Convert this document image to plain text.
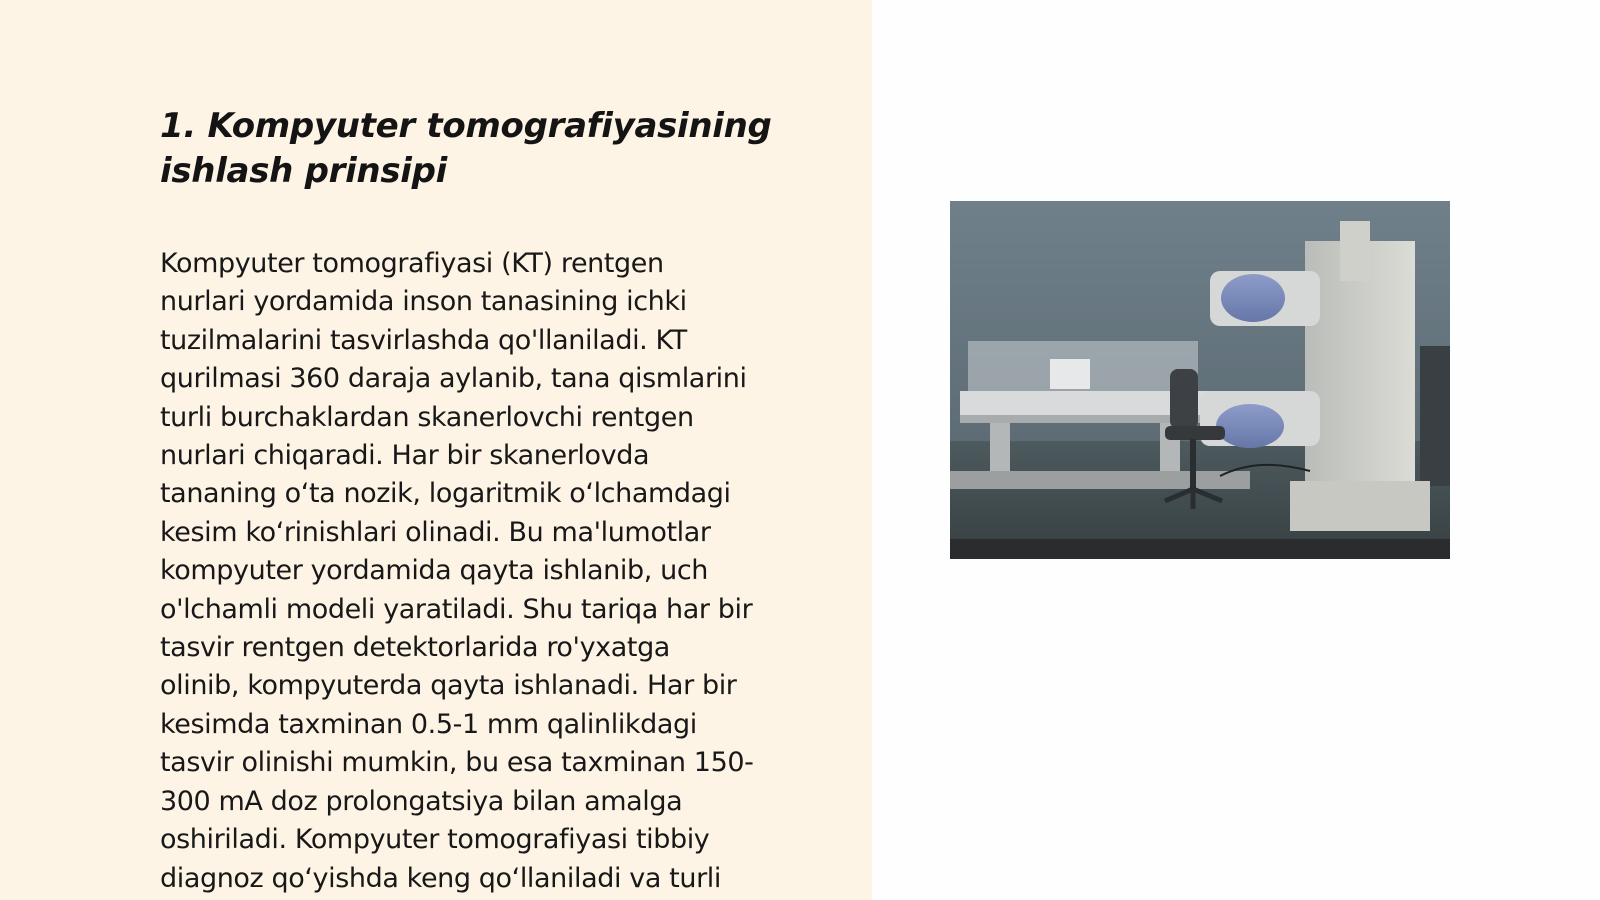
1. Kompyuter tomografiyasining
ishlash prinsipi

Kompyuter tomografiyasi (KT) rentgen
nurlari yordamida inson tanasining ichki
tuzilmalarini tasvirlashda qo'llaniladi. KT
qurilmasi 360 daraja aylanib, tana qismlarini
turli burchaklardan skanerlovchi rentgen
nurlari chiqaradi. Har bir skanerlovda
tananing o‘ta nozik, logaritmik o‘lchamdagi
kesim ko‘rinishlari olinadi. Bu ma'lumotlar
kompyuter yordamida qayta ishlanib, uch
o'lchamli modeli yaratiladi. Shu tariqa har bir
tasvir rentgen detektorlarida ro'yxatga
olinib, kompyuterda qayta ishlanadi. Har bir
kesimda taxminan 0.5-1 mm qalinlikdagi
tasvir olinishi mumkin, bu esa taxminan 150-
300 mA doz prolongatsiya bilan amalga
oshiriladi. Kompyuter tomografiyasi tibbiy
diagnoz qo‘yishda keng qo‘llaniladi va turli
